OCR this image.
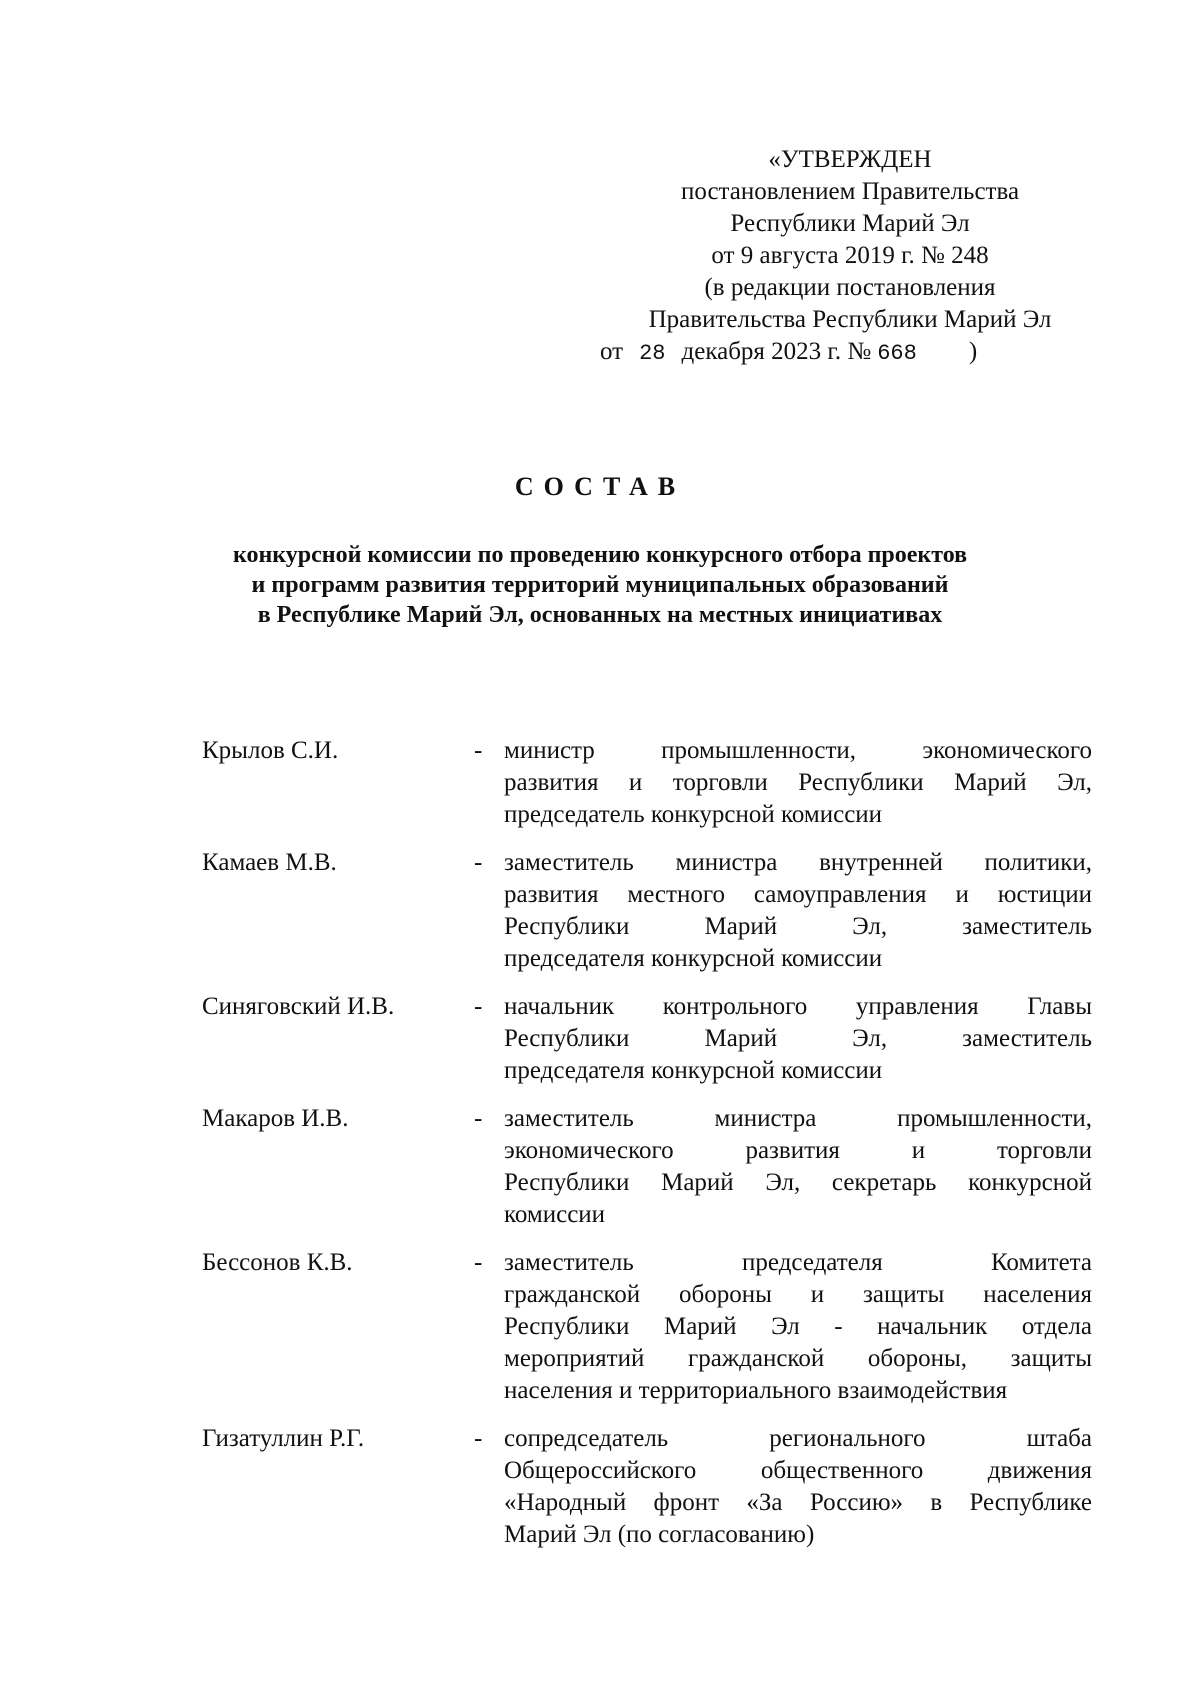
«УТВЕРЖДЕН
постановлением Правительства
Республики Марий Эл
от 9 августа 2019 г. № 248
(в редакции постановления
Правительства Республики Марий Эл
от 28 декабря 2023 г. № 668 )
СОСТАВ
конкурсной комиссии по проведению конкурсного отбора проектов
и программ развития территорий муниципальных образований
в Республике Марий Эл, основанных на местных инициативах
Крылов С.И.	- министр промышленности, экономического
развития и торговли Республики Марий Эл,
председатель конкурсной комиссии
Камаев М.В.	- заместитель министра внутренней политики,
развития местного самоуправления и юстиции
Республики Марий Эл, заместитель
председателя конкурсной комиссии
Синяговский И.В.	- начальник контрольного управления Главы
Республики Марий Эл, заместитель
председателя конкурсной комиссии
Макаров И.В.	- заместитель министра промышленности,
экономического развития и торговли
Республики Марий Эл, секретарь конкурсной
комиссии
Бессонов К.В.	- заместитель председателя Комитета
гражданской обороны и защиты населения
Республики Марий Эл - начальник отдела
мероприятий гражданской обороны, защиты
населения и территориального взаимодействия
Гизатуллин Р.Г.	- сопредседатель регионального штаба
Общероссийского общественного движения
«Народный фронт «За Россию» в Республике
Марий Эл (по согласованию)
